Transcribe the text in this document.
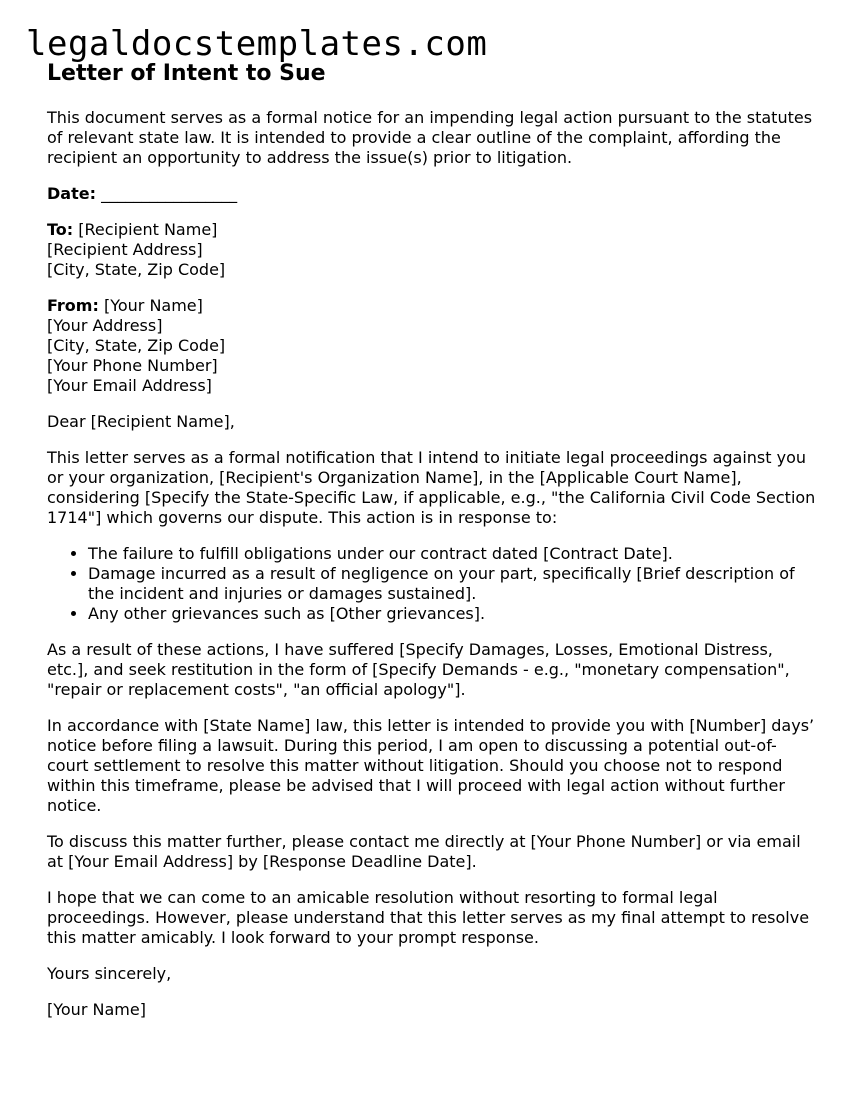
legaldocstemplates.com
Letter of Intent to Sue

This document serves as a formal notice for an impending legal action pursuant to the statutes of relevant state law. It is intended to provide a clear outline of the complaint, affording the recipient an opportunity to address the issue(s) prior to litigation.

Date: _________________

To: [Recipient Name]
[Recipient Address]
[City, State, Zip Code]

From: [Your Name]
[Your Address]
[City, State, Zip Code]
[Your Phone Number]
[Your Email Address]

Dear [Recipient Name],

This letter serves as a formal notification that I intend to initiate legal proceedings against you or your organization, [Recipient's Organization Name], in the [Applicable Court Name], considering [Specify the State-Specific Law, if applicable, e.g., "the California Civil Code Section 1714"] which governs our dispute. This action is in response to:

• The failure to fulfill obligations under our contract dated [Contract Date].
• Damage incurred as a result of negligence on your part, specifically [Brief description of the incident and injuries or damages sustained].
• Any other grievances such as [Other grievances].

As a result of these actions, I have suffered [Specify Damages, Losses, Emotional Distress, etc.], and seek restitution in the form of [Specify Demands - e.g., "monetary compensation", "repair or replacement costs", "an official apology"].

In accordance with [State Name] law, this letter is intended to provide you with [Number] days’ notice before filing a lawsuit. During this period, I am open to discussing a potential out-of-court settlement to resolve this matter without litigation. Should you choose not to respond within this timeframe, please be advised that I will proceed with legal action without further notice.

To discuss this matter further, please contact me directly at [Your Phone Number] or via email at [Your Email Address] by [Response Deadline Date].

I hope that we can come to an amicable resolution without resorting to formal legal proceedings. However, please understand that this letter serves as my final attempt to resolve this matter amicably. I look forward to your prompt response.

Yours sincerely,

[Your Name]
